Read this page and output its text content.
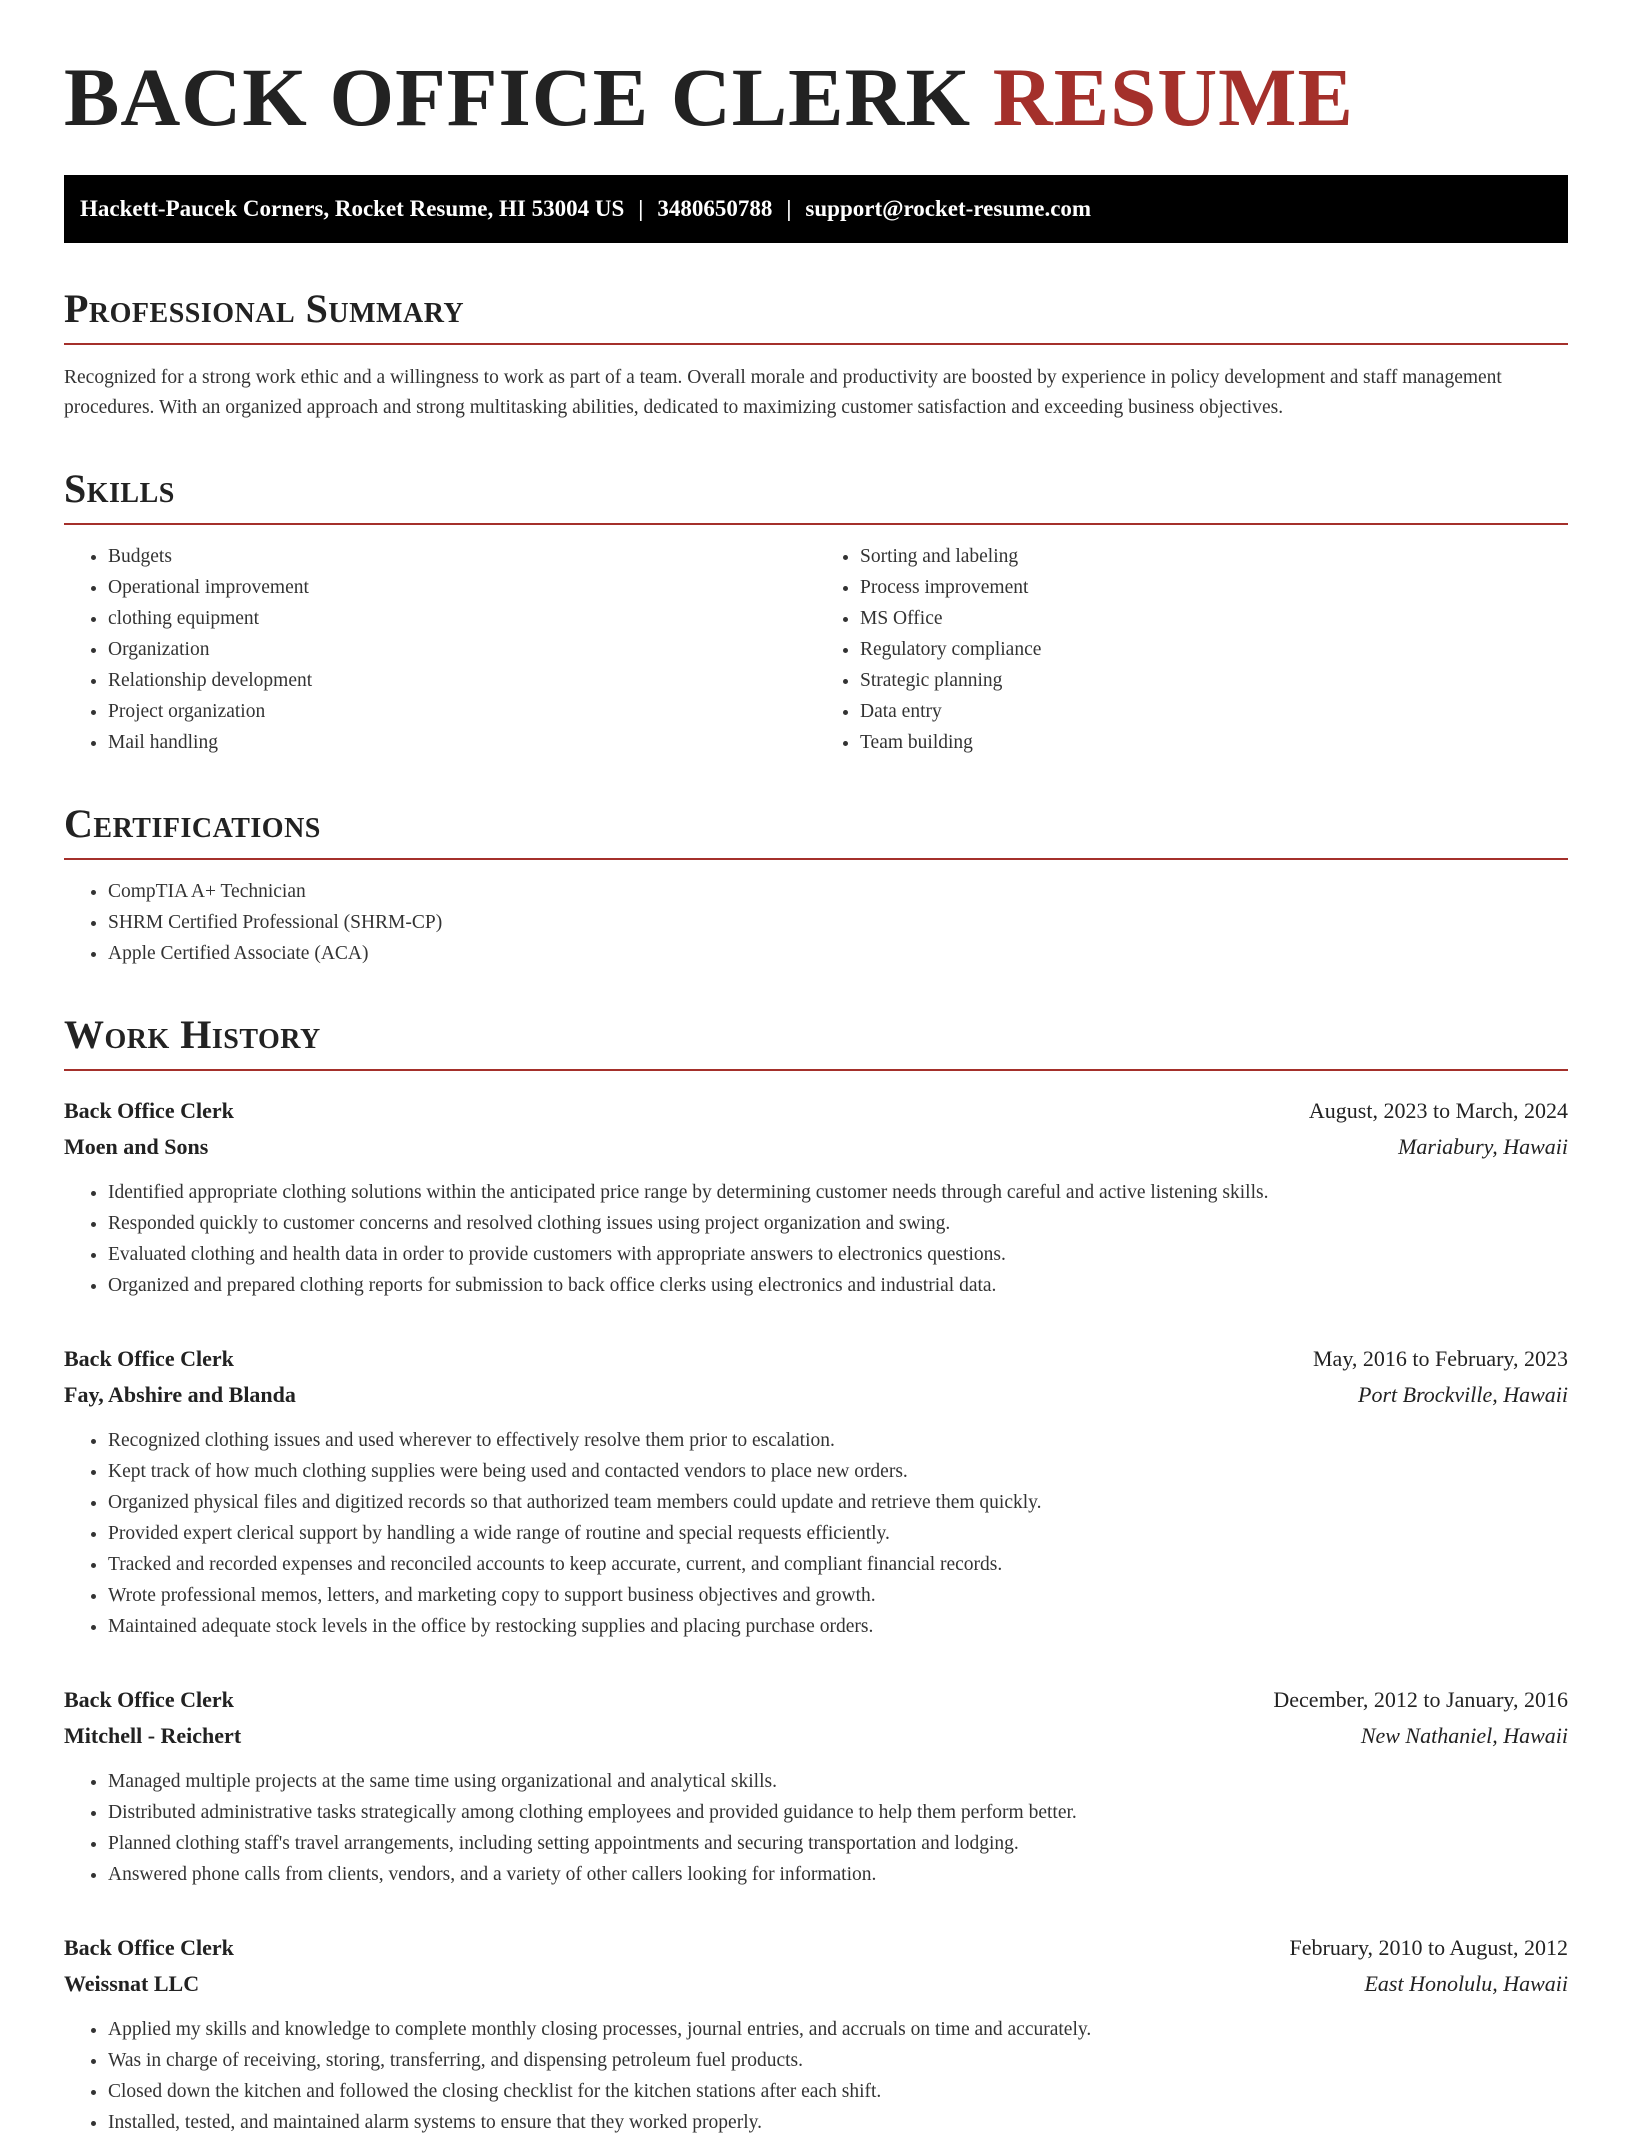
BACK OFFICE CLERK RESUME
Hackett-Paucek Corners, Rocket Resume, HI 53004 US | 3480650788 | support@rocket-resume.com
Professional Summary

Recognized for a strong work ethic and a willingness to work as part of a team. Overall morale and productivity are boosted by experience in policy development and staff management procedures. With an organized approach and strong multitasking abilities, dedicated to maximizing customer satisfaction and exceeding business objectives.

Skills
• Budgets
• Operational improvement
• clothing equipment
• Organization
• Relationship development
• Project organization
• Mail handling
• Sorting and labeling
• Process improvement
• MS Office
• Regulatory compliance
• Strategic planning
• Data entry
• Team building
Certifications
• CompTIA A+ Technician
• SHRM Certified Professional (SHRM-CP)
• Apple Certified Associate (ACA)
Work History
Back Office Clerk	August, 2023 to March, 2024
Moen and Sons	Mariabury, Hawaii
• Identified appropriate clothing solutions within the anticipated price range by determining customer needs through careful and active listening skills.
• Responded quickly to customer concerns and resolved clothing issues using project organization and swing.
• Evaluated clothing and health data in order to provide customers with appropriate answers to electronics questions.
• Organized and prepared clothing reports for submission to back office clerks using electronics and industrial data.
Back Office Clerk	May, 2016 to February, 2023
Fay, Abshire and Blanda	Port Brockville, Hawaii
• Recognized clothing issues and used wherever to effectively resolve them prior to escalation.
• Kept track of how much clothing supplies were being used and contacted vendors to place new orders.
• Organized physical files and digitized records so that authorized team members could update and retrieve them quickly.
• Provided expert clerical support by handling a wide range of routine and special requests efficiently.
• Tracked and recorded expenses and reconciled accounts to keep accurate, current, and compliant financial records.
• Wrote professional memos, letters, and marketing copy to support business objectives and growth.
• Maintained adequate stock levels in the office by restocking supplies and placing purchase orders.
Back Office Clerk	December, 2012 to January, 2016
Mitchell - Reichert	New Nathaniel, Hawaii
• Managed multiple projects at the same time using organizational and analytical skills.
• Distributed administrative tasks strategically among clothing employees and provided guidance to help them perform better.
• Planned clothing staff's travel arrangements, including setting appointments and securing transportation and lodging.
• Answered phone calls from clients, vendors, and a variety of other callers looking for information.
Back Office Clerk	February, 2010 to August, 2012
Weissnat LLC	East Honolulu, Hawaii
• Applied my skills and knowledge to complete monthly closing processes, journal entries, and accruals on time and accurately.
• Was in charge of receiving, storing, transferring, and dispensing petroleum fuel products.
• Closed down the kitchen and followed the closing checklist for the kitchen stations after each shift.
• Installed, tested, and maintained alarm systems to ensure that they worked properly.
